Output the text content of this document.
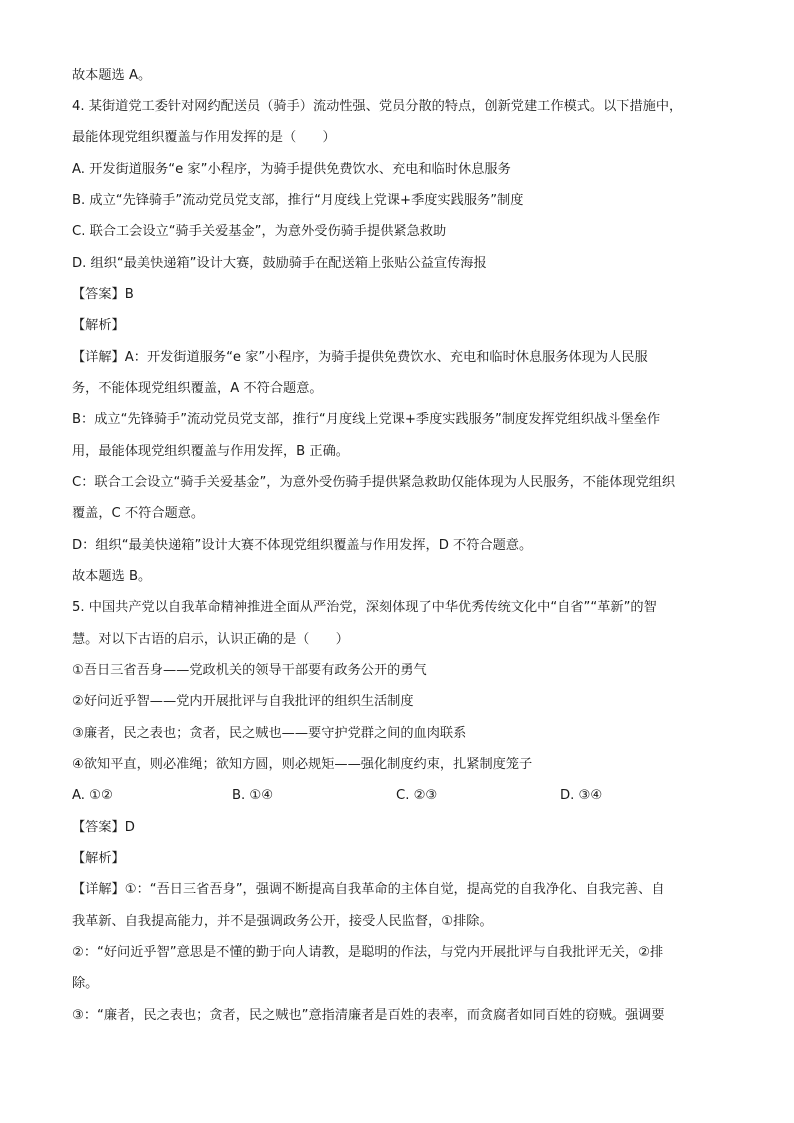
故本题选 A。
4. 某街道党工委针对网约配送员（骑手）流动性强、党员分散的特点，创新党建工作模式。以下措施中，
最能体现党组织覆盖与作用发挥的是（　　）
A. 开发街道服务“e 家”小程序，为骑手提供免费饮水、充电和临时休息服务
B. 成立“先锋骑手”流动党员党支部，推行“月度线上党课+季度实践服务”制度
C. 联合工会设立“骑手关爱基金”，为意外受伤骑手提供紧急救助
D. 组织“最美快递箱”设计大赛，鼓励骑手在配送箱上张贴公益宣传海报
【答案】B
【解析】
【详解】A：开发街道服务“e 家”小程序，为骑手提供免费饮水、充电和临时休息服务体现为人民服
务，不能体现党组织覆盖，A 不符合题意。
B：成立“先锋骑手”流动党员党支部，推行“月度线上党课+季度实践服务”制度发挥党组织战斗堡垒作
用，最能体现党组织覆盖与作用发挥，B 正确。
C：联合工会设立“骑手关爱基金”，为意外受伤骑手提供紧急救助仅能体现为人民服务，不能体现党组织
覆盖，C 不符合题意。
D：组织“最美快递箱”设计大赛不体现党组织覆盖与作用发挥，D 不符合题意。
故本题选 B。
5. 中国共产党以自我革命精神推进全面从严治党，深刻体现了中华优秀传统文化中“自省”“革新”的智
慧。对以下古语的启示，认识正确的是（　　）
①吾日三省吾身——党政机关的领导干部要有政务公开的勇气
②好问近乎智——党内开展批评与自我批评的组织生活制度
③廉者，民之表也；贪者，民之贼也——要守护党群之间的血肉联系
④欲知平直，则必准绳；欲知方圆，则必规矩——强化制度约束，扎紧制度笼子
A. ①②	B. ①④	C. ②③	D. ③④
【答案】D
【解析】
【详解】①：“吾日三省吾身”，强调不断提高自我革命的主体自觉，提高党的自我净化、自我完善、自
我革新、自我提高能力，并不是强调政务公开，接受人民监督，①排除。
②：“好问近乎智”意思是不懂的勤于向人请教，是聪明的作法，与党内开展批评与自我批评无关，②排
除。
③：“廉者，民之表也；贪者，民之贼也”意指清廉者是百姓的表率，而贪腐者如同百姓的窃贼。强调要
